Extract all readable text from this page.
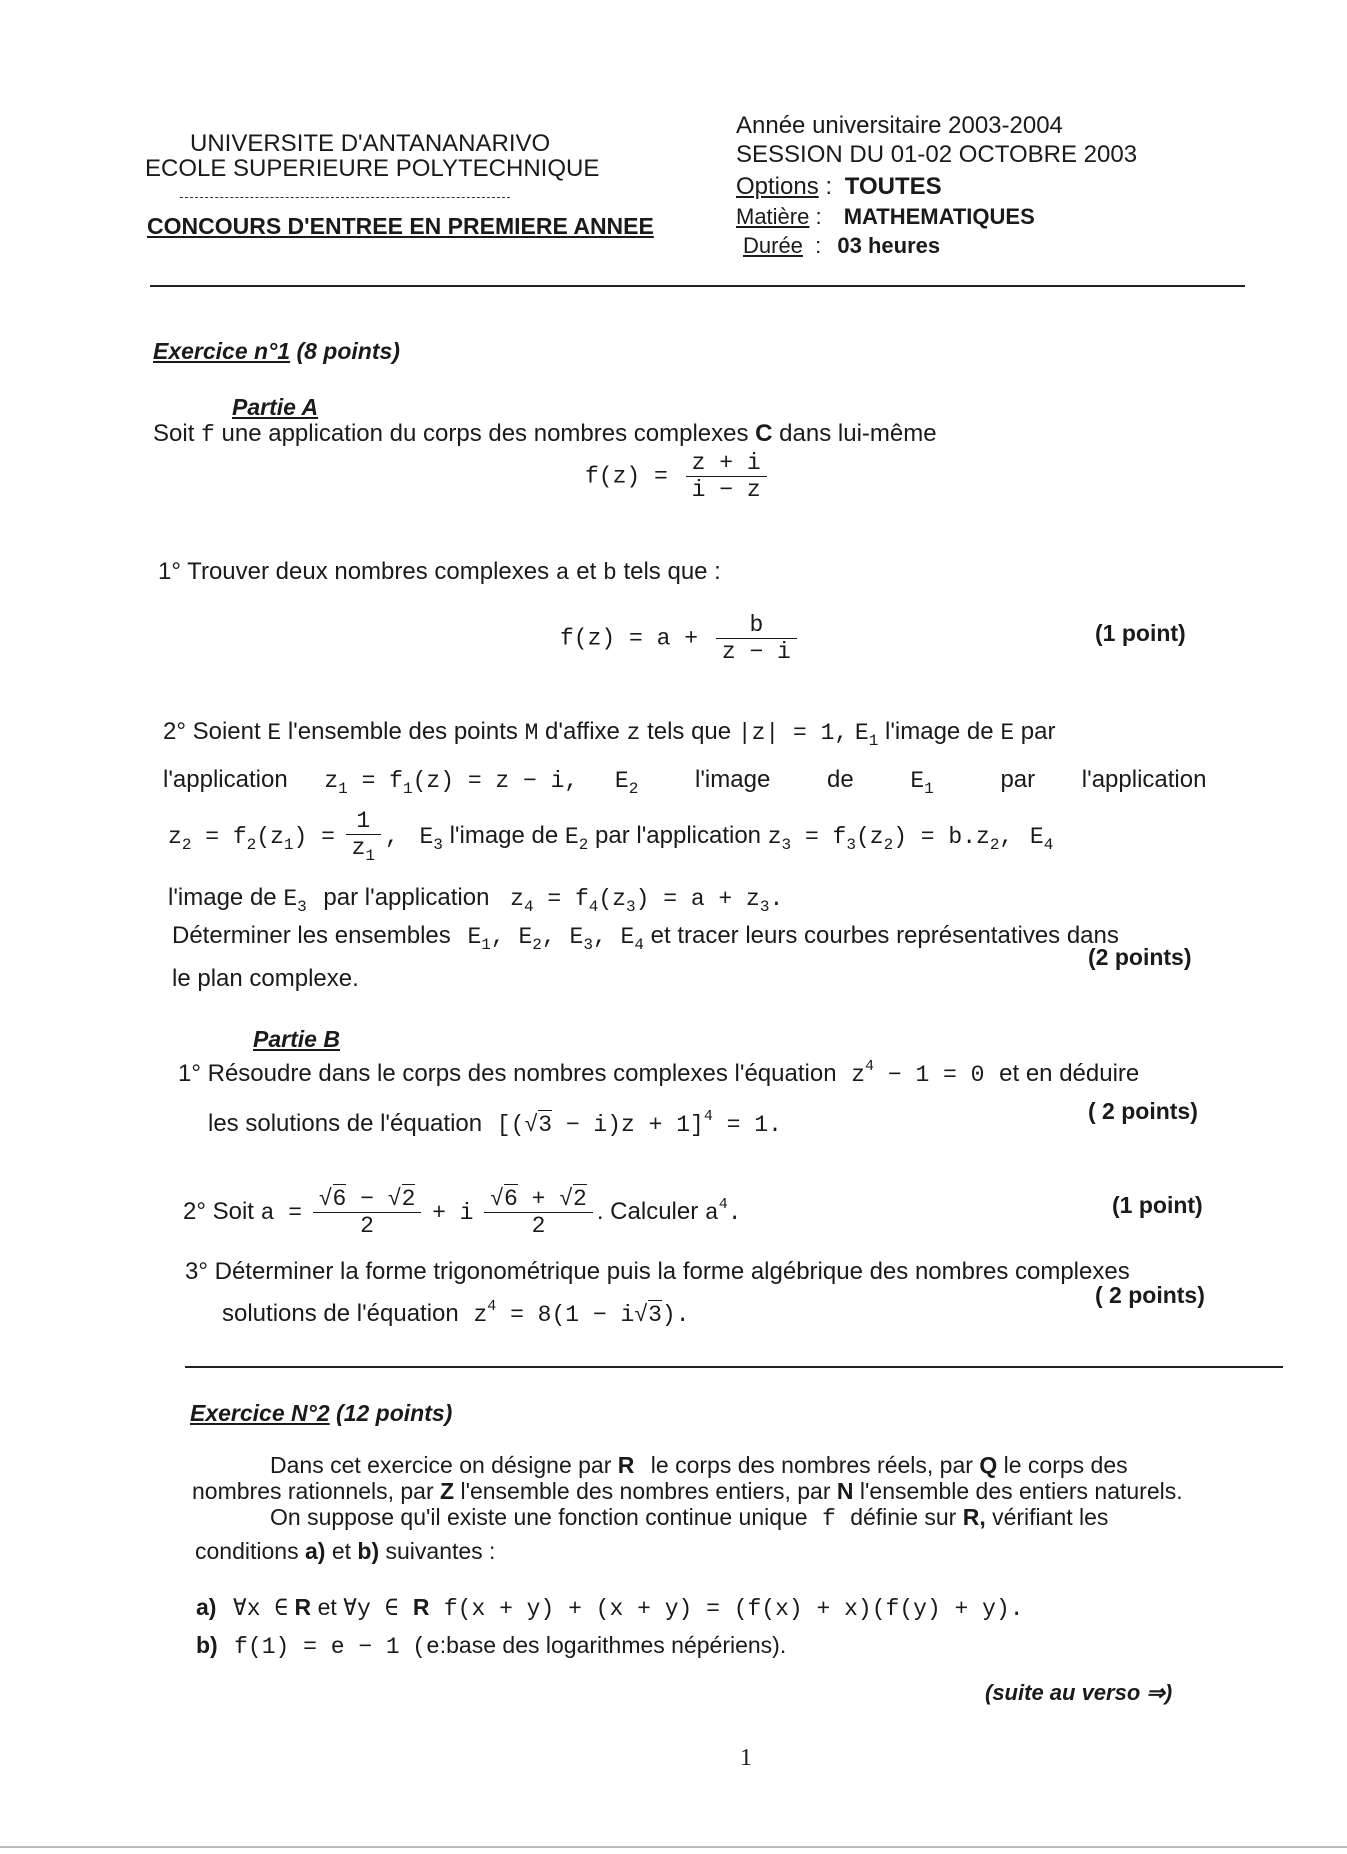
UNIVERSITE D'ANTANANARIVO
ECOLE SUPERIEURE POLYTECHNIQUE
CONCOURS D'ENTREE EN PREMIERE ANNEE
Année universitaire 2003-2004
SESSION DU 01-02 OCTOBRE 2003
Options : TOUTES
Matière : MATHEMATIQUES
Durée  : 03 heures
Exercice n°1 (8 points)
Partie A
Soit f une application du corps des nombres complexes C dans lui-même
$f(z) = \frac{z + i}{i - z}$
1° Trouver deux nombres complexes a et b tels que :
$f(z) = a + \frac{b}{z - i}$	(1 point)
2° Soient E l'ensemble des points M d'affixe z tels que |z| = 1, $E_1$ l'image de E par
l'application $z_1 = f_1(z) = z - i$, $E_2$ l'image de $E_1$	par l'application
$z_2 = f_2(z_1) = \frac{1}{z_1}$ , $E_3$ l'image de $E_2$ par l'application $z_3 = f_3(z_2) = b.z_2$, $E_4$
l'image de $E_3$ par l'application $z_4 = f_4(z_3) = a + z_3$.
Déterminer les ensembles $E_1$, $E_2$, $E_3$, $E_4$ et tracer leurs courbes représentatives dans
le plan complexe.
(2 points)
Partie B
1° Résoudre dans le corps des nombres complexes l'équation $z^4 - 1 = 0$ et en déduire
les solutions de l'équation $[(√3 - i)z + 1]^4 = 1$.
( 2 points)
2° Soit $a = \frac{√6 - √2}{2} + i \frac{√6 + √2}{2}$ . Calculer $a^4$.	(1 point)
3° Déterminer la forme trigonométrique puis la forme algébrique des nombres complexes
solutions de l'équation $z^4 = 8(1 - i√3)$.
( 2 points)
Exercice N°2 (12 points)
Dans cet exercice on désigne par R le corps des nombres réels, par Q le corps des
nombres rationnels, par Z l'ensemble des nombres entiers, par N l'ensemble des entiers naturels.
On suppose qu'il existe une fonction continue unique f définie sur R, vérifiant les
conditions a) et b) suivantes :
a) ∀x ∈ R et ∀y ∈ R f(x + y) + (x + y) = (f(x) + x)(f(y) + y).
b) f(1) = e − 1 (e:base des logarithmes népériens).
(suite au verso ⇒)
1
